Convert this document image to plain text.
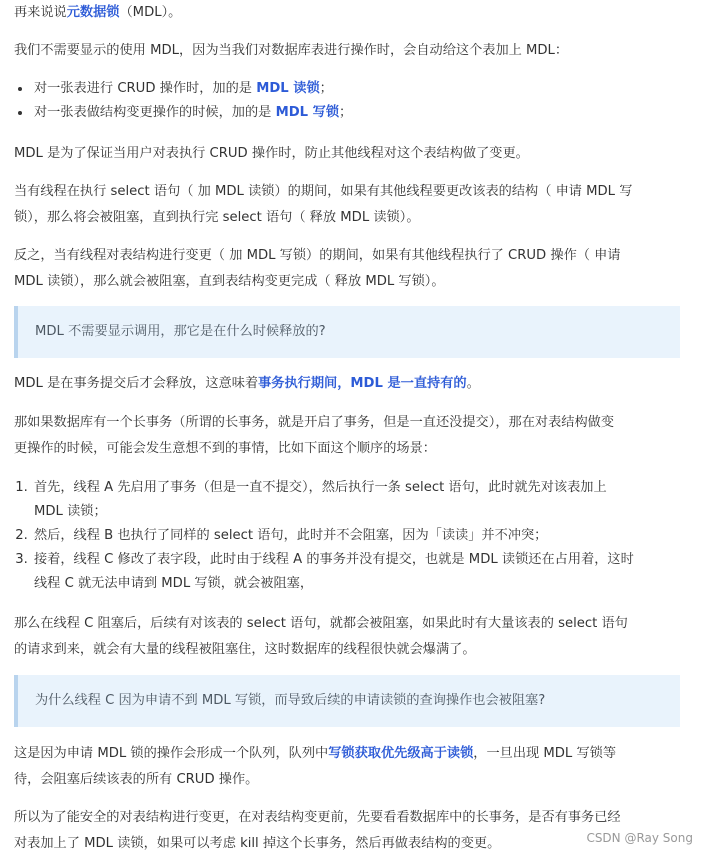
再来说说元数据锁（MDL）。

我们不需要显示的使用 MDL，因为当我们对数据库表进行操作时，会自动给这个表加上 MDL：

• 对一张表进行 CRUD 操作时，加的是 MDL 读锁；
• 对一张表做结构变更操作的时候，加的是 MDL 写锁；

MDL 是为了保证当用户对表执行 CRUD 操作时，防止其他线程对这个表结构做了变更。

当有线程在执行 select 语句（ 加 MDL 读锁）的期间，如果有其他线程要更改该表的结构（ 申请 MDL 写

锁），那么将会被阻塞，直到执行完 select 语句（ 释放 MDL 读锁）。

反之，当有线程对表结构进行变更（ 加 MDL 写锁）的期间，如果有其他线程执行了 CRUD 操作（ 申请

MDL 读锁），那么就会被阻塞，直到表结构变更完成（ 释放 MDL 写锁）。

MDL 不需要显示调用，那它是在什么时候释放的?

MDL 是在事务提交后才会释放，这意味着事务执行期间，MDL 是一直持有的。

那如果数据库有一个长事务（所谓的长事务，就是开启了事务，但是一直还没提交），那在对表结构做变

更操作的时候，可能会发生意想不到的事情，比如下面这个顺序的场景：

1. 首先，线程 A 先启用了事务（但是一直不提交），然后执行一条 select 语句，此时就先对该表加上
MDL 读锁；
2. 然后，线程 B 也执行了同样的 select 语句，此时并不会阻塞，因为「读读」并不冲突；
3. 接着，线程 C 修改了表字段，此时由于线程 A 的事务并没有提交，也就是 MDL 读锁还在占用着，这时
线程 C 就无法申请到 MDL 写锁，就会被阻塞，

那么在线程 C 阻塞后，后续有对该表的 select 语句，就都会被阻塞，如果此时有大量该表的 select 语句

的请求到来，就会有大量的线程被阻塞住，这时数据库的线程很快就会爆满了。

为什么线程 C 因为申请不到 MDL 写锁，而导致后续的申请读锁的查询操作也会被阻塞?

这是因为申请 MDL 锁的操作会形成一个队列，队列中写锁获取优先级高于读锁，一旦出现 MDL 写锁等

待，会阻塞后续该表的所有 CRUD 操作。

所以为了能安全的对表结构进行变更，在对表结构变更前，先要看看数据库中的长事务，是否有事务已经

对表加上了 MDL 读锁，如果可以考虑 kill 掉这个长事务，然后再做表结构的变更。	CSDN @Ray Song
